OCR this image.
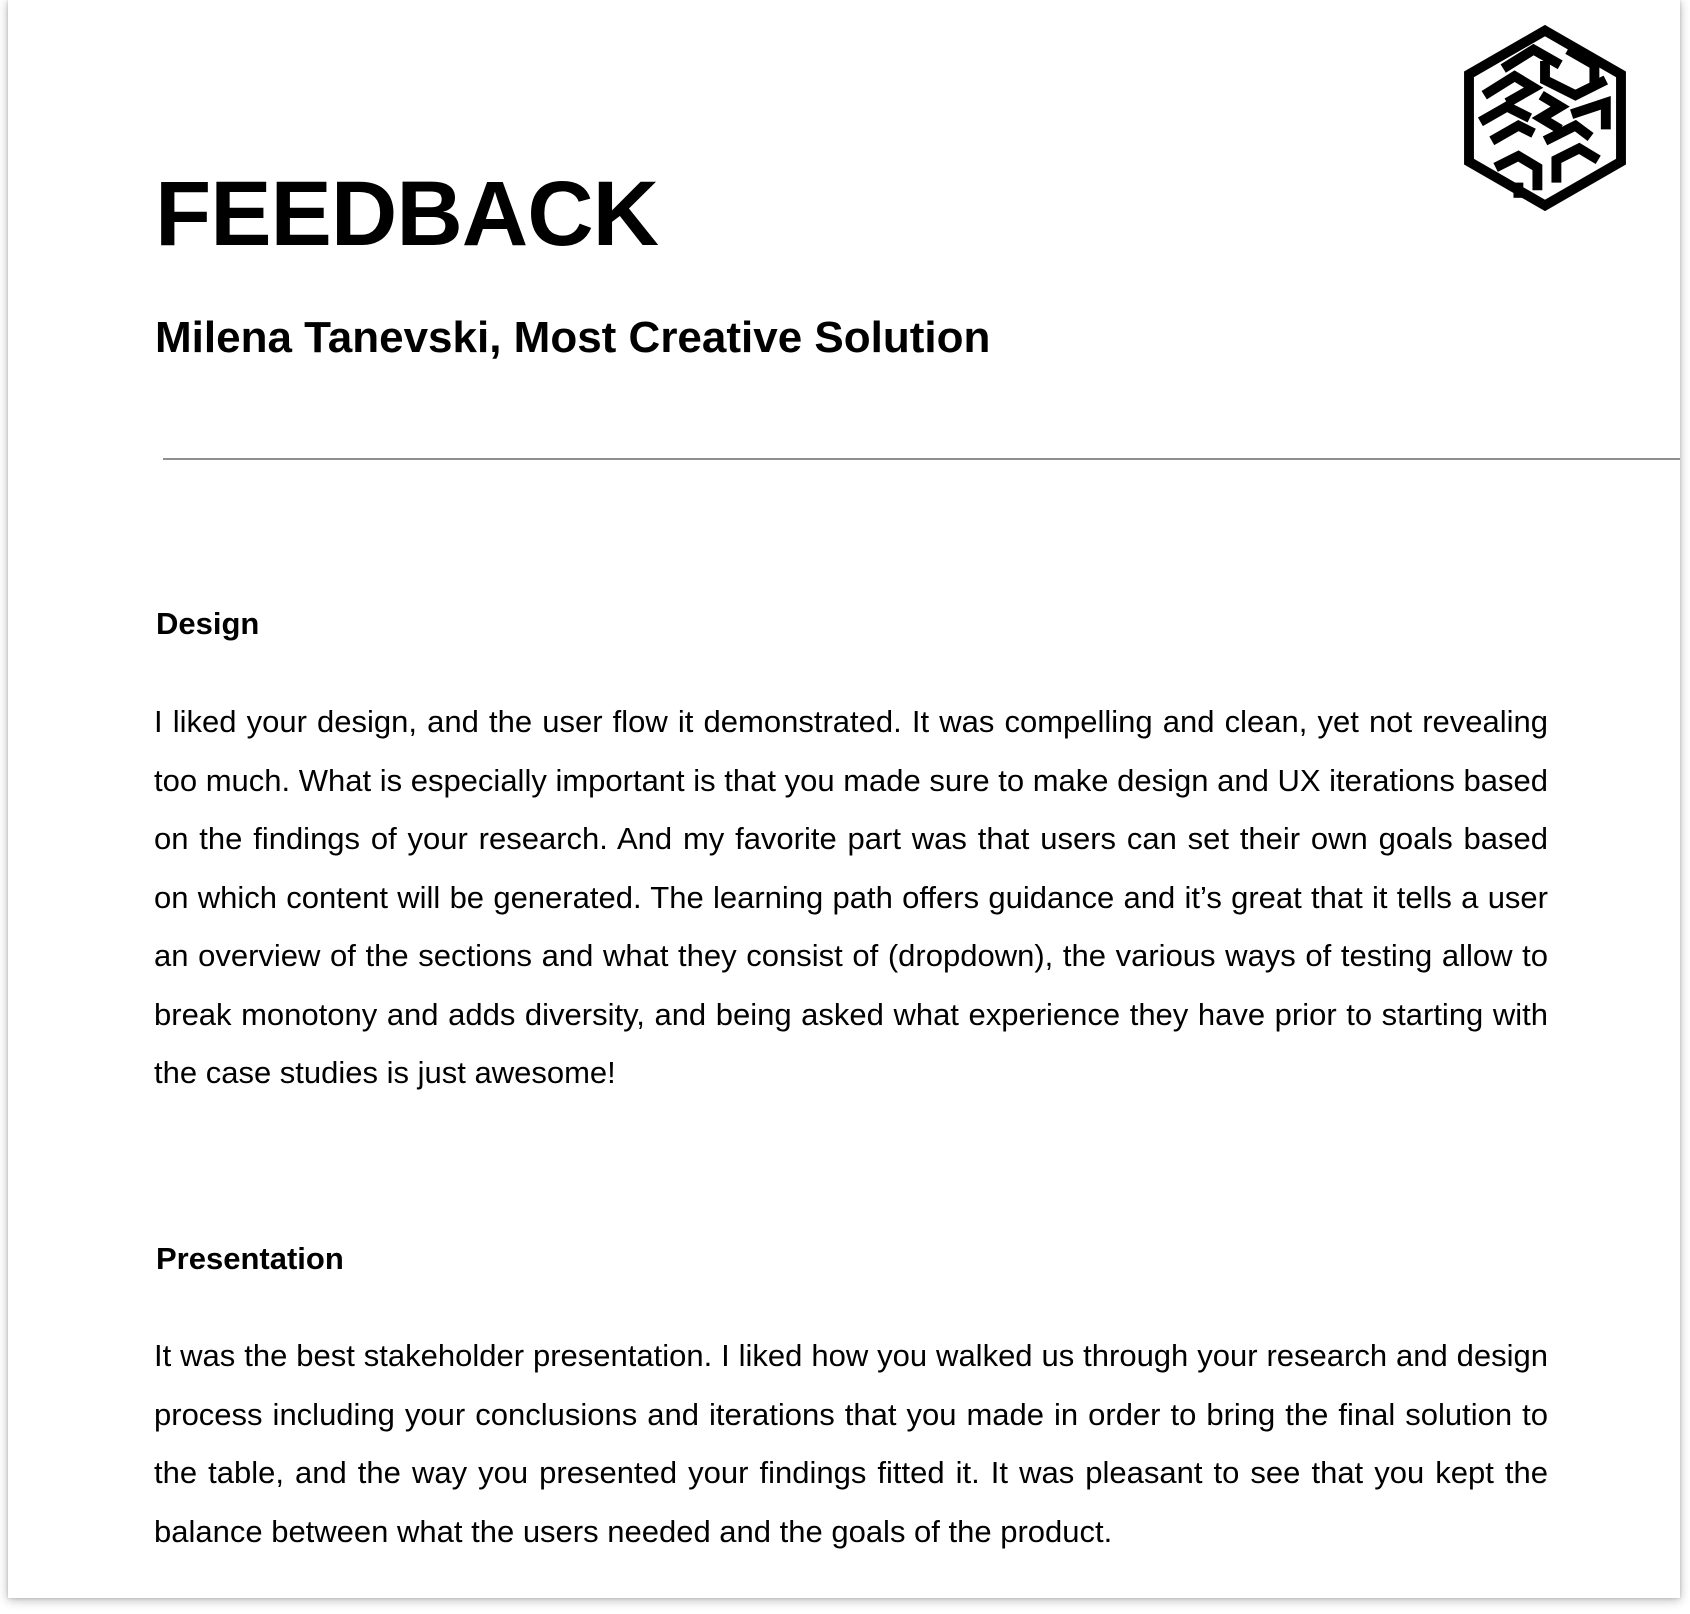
FEEDBACK
Milena Tanevski, Most Creative Solution
Design

I liked your design, and the user flow it demonstrated. It was compelling and clean, yet not revealing too much. What is especially important is that you made sure to make design and UX iterations based on the findings of your research. And my favorite part was that users can set their own goals based on which content will be generated. The learning path offers guidance and it’s great that it tells a user an overview of the sections and what they consist of (dropdown), the various ways of testing allow to break monotony and adds diversity, and being asked what experience they have prior to starting with the case studies is just awesome!

Presentation

It was the best stakeholder presentation. I liked how you walked us through your research and design process including your conclusions and iterations that you made in order to bring the final solution to the table, and the way you presented your findings fitted it. It was pleasant to see that you kept the balance between what the users needed and the goals of the product.
